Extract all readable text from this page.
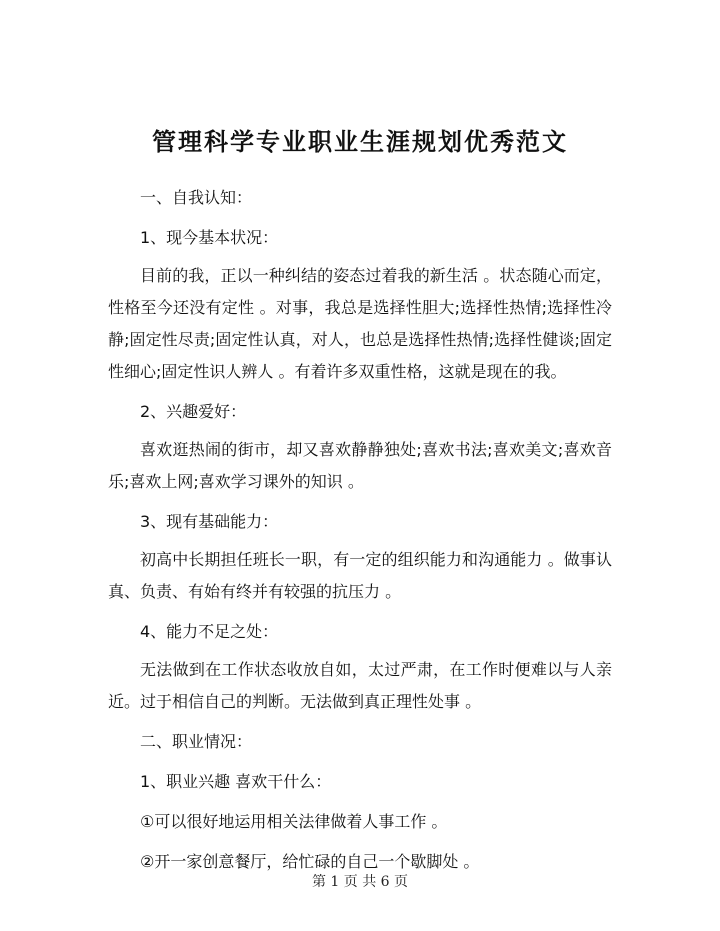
管理科学专业职业生涯规划优秀范文

一、自我认知：

1、现今基本状况：

目前的我，正以一种纠结的姿态过着我的新生活 。状态随心而定，性格至今还没有定性 。对事，我总是选择性胆大;选择性热情;选择性冷静;固定性尽责;固定性认真，对人，也总是选择性热情;选择性健谈;固定性细心;固定性识人辨人 。有着许多双重性格，这就是现在的我。

2、兴趣爱好：

喜欢逛热闹的街市，却又喜欢静静独处;喜欢书法;喜欢美文;喜欢音乐;喜欢上网;喜欢学习课外的知识 。

3、现有基础能力：

初高中长期担任班长一职，有一定的组织能力和沟通能力 。做事认真、负责、有始有终并有较强的抗压力 。

4、能力不足之处：

无法做到在工作状态收放自如，太过严肃，在工作时便难以与人亲近。过于相信自己的判断。无法做到真正理性处事 。

二、职业情况：

1、职业兴趣 喜欢干什么：

①可以很好地运用相关法律做着人事工作 。

②开一家创意餐厅，给忙碌的自己一个歇脚处 。

第 1 页 共 6 页
